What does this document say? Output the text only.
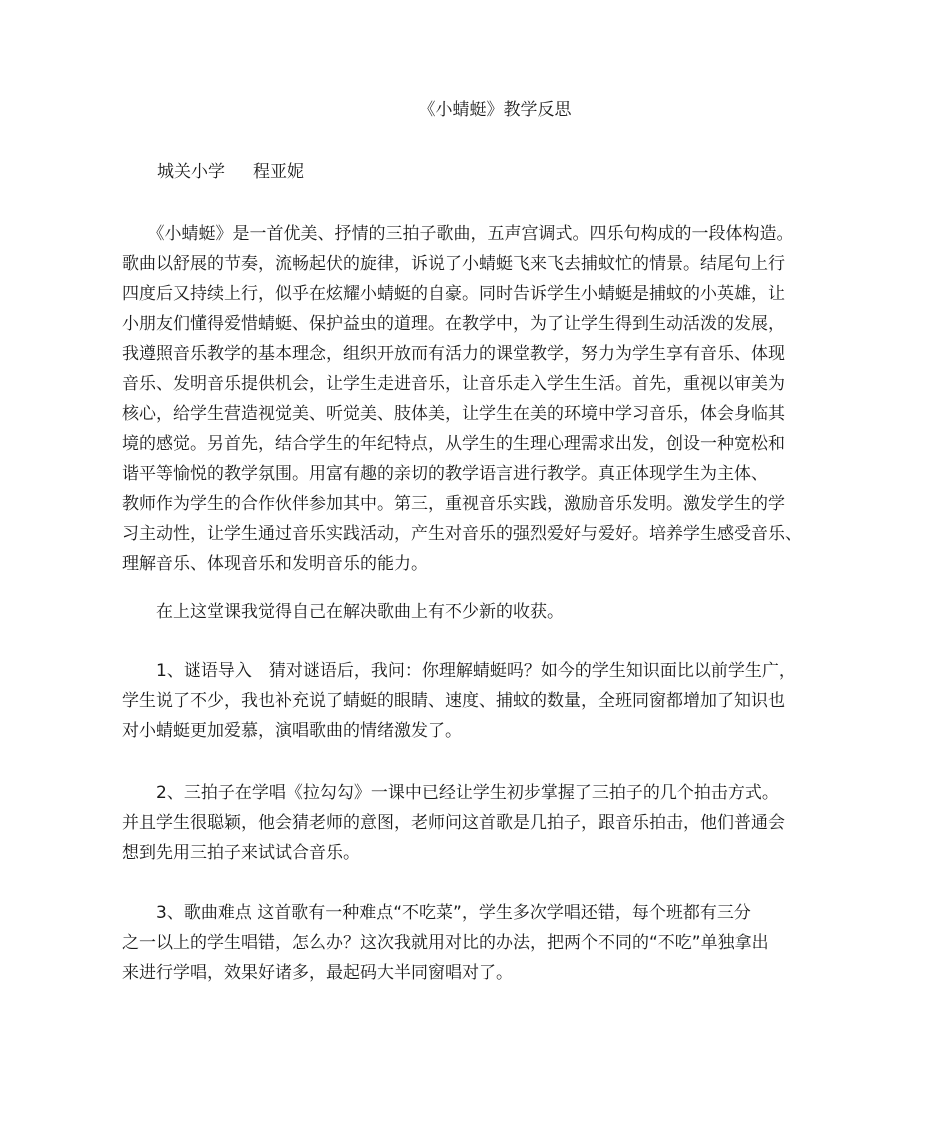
《小蜻蜓》教学反思
城关小学 程亚妮
　　《小蜻蜓》是一首优美、抒情的三拍子歌曲，五声宫调式。四乐句构成的一段体构造。
歌曲以舒展的节奏，流畅起伏的旋律，诉说了小蜻蜓飞来飞去捕蚊忙的情景。结尾句上行
四度后又持续上行，似乎在炫耀小蜻蜓的自豪。同时告诉学生小蜻蜓是捕蚊的小英雄，让
小朋友们懂得爱惜蜻蜓、保护益虫的道理。在教学中，为了让学生得到生动活泼的发展，
我遵照音乐教学的基本理念，组织开放而有活力的课堂教学，努力为学生享有音乐、体现
音乐、发明音乐提供机会，让学生走进音乐，让音乐走入学生生活。首先，重视以审美为
核心，给学生营造视觉美、听觉美、肢体美，让学生在美的环境中学习音乐，体会身临其
境的感觉。另首先，结合学生的年纪特点，从学生的生理心理需求出发，创设一种宽松和
谐平等愉悦的教学氛围。用富有趣的亲切的教学语言进行教学。真正体现学生为主体、
教师作为学生的合作伙伴参加其中。第三，重视音乐实践，激励音乐发明。激发学生的学
习主动性，让学生通过音乐实践活动，产生对音乐的强烈爱好与爱好。培养学生感受音乐、
理解音乐、体现音乐和发明音乐的能力。
　　在上这堂课我觉得自己在解决歌曲上有不少新的收获。
　　1、谜语导入　猜对谜语后，我问：你理解蜻蜓吗？如今的学生知识面比以前学生广，
学生说了不少，我也补充说了蜻蜓的眼睛、速度、捕蚊的数量，全班同窗都增加了知识也
对小蜻蜓更加爱慕，演唱歌曲的情绪激发了。
　　2、三拍子在学唱《拉勾勾》一课中已经让学生初步掌握了三拍子的几个拍击方式。
并且学生很聪颖，他会猜老师的意图，老师问这首歌是几拍子，跟音乐拍击，他们普通会
想到先用三拍子来试试合音乐。
　　3、歌曲难点 这首歌有一种难点“不吃菜”，学生多次学唱还错，每个班都有三分
之一以上的学生唱错，怎么办？这次我就用对比的办法，把两个不同的“不吃”单独拿出
来进行学唱，效果好诸多，最起码大半同窗唱对了。
